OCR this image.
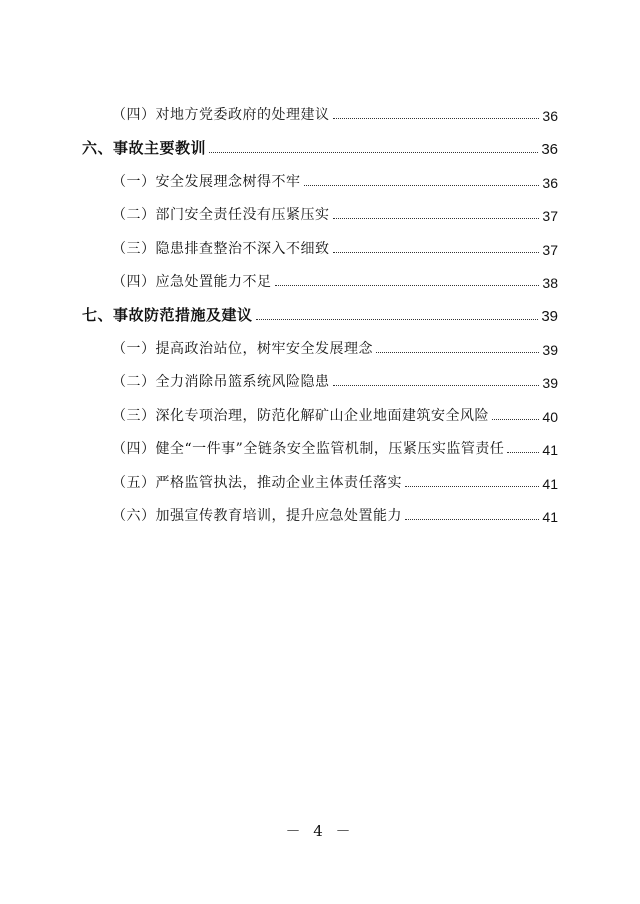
（四）对地方党委政府的处理建议	36
六、事故主要教训	36
（一）安全发展理念树得不牢	36
（二）部门安全责任没有压紧压实	37
（三）隐患排查整治不深入不细致	37
（四）应急处置能力不足	38
七、事故防范措施及建议	39
（一）提高政治站位，树牢安全发展理念	39
（二）全力消除吊篮系统风险隐患	39
（三）深化专项治理，防范化解矿山企业地面建筑安全风险	40
（四）健全“一件事”全链条安全监管机制，压紧压实监管责任	41
（五）严格监管执法，推动企业主体责任落实	41
（六）加强宣传教育培训，提升应急处置能力	41
－ 4 －
